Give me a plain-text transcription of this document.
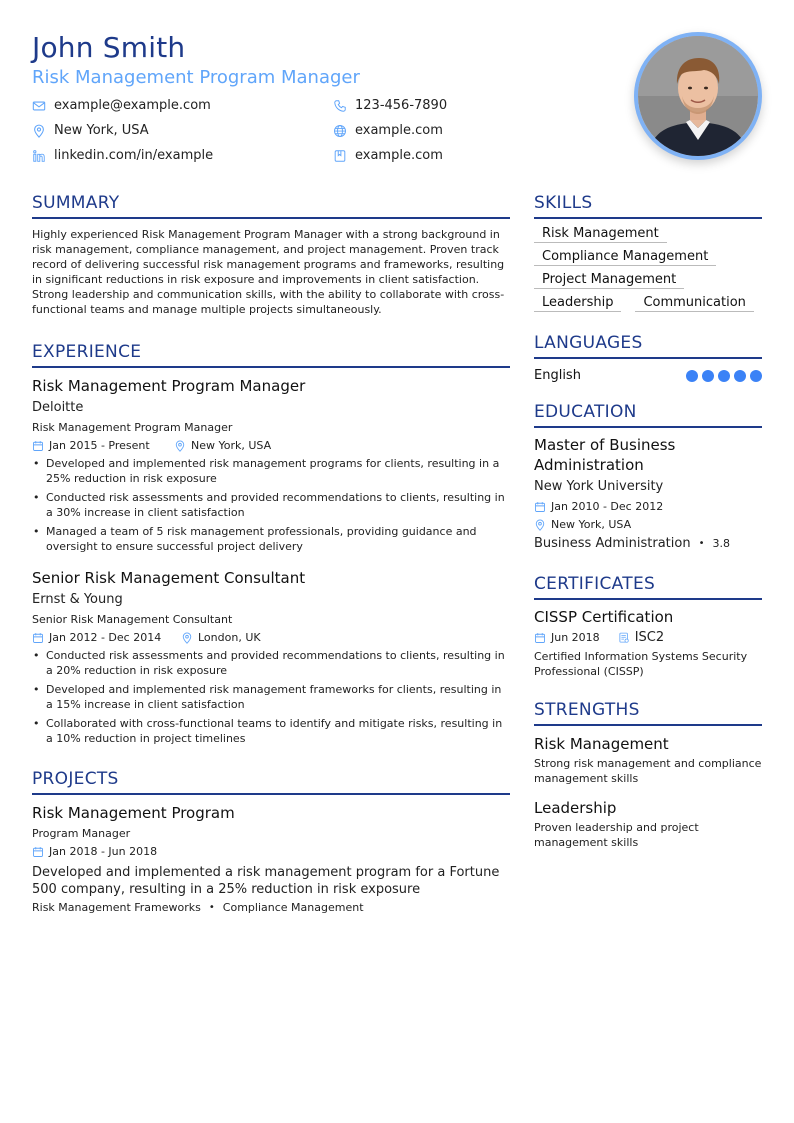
John Smith
Risk Management Program Manager
example@example.com	123-456-7890
New York, USA	example.com
linkedin.com/in/example	example.com
SUMMARY
Highly experienced Risk Management Program Manager with a strong background in risk management, compliance management, and project management. Proven track record of delivering successful risk management programs and frameworks, resulting in significant reductions in risk exposure and improvements in client satisfaction. Strong leadership and communication skills, with the ability to collaborate with cross-functional teams and manage multiple projects simultaneously.
EXPERIENCE
Risk Management Program Manager
Deloitte
Risk Management Program Manager
Jan 2015 - Present	New York, USA
• Developed and implemented risk management programs for clients, resulting in a 25% reduction in risk exposure
• Conducted risk assessments and provided recommendations to clients, resulting in a 30% increase in client satisfaction
• Managed a team of 5 risk management professionals, providing guidance and oversight to ensure successful project delivery
Senior Risk Management Consultant
Ernst & Young
Senior Risk Management Consultant
Jan 2012 - Dec 2014	London, UK
• Conducted risk assessments and provided recommendations to clients, resulting in a 20% reduction in risk exposure
• Developed and implemented risk management frameworks for clients, resulting in a 15% increase in client satisfaction
• Collaborated with cross-functional teams to identify and mitigate risks, resulting in a 10% reduction in project timelines
PROJECTS
Risk Management Program
Program Manager
Jan 2018 - Jun 2018
Developed and implemented a risk management program for a Fortune 500 company, resulting in a 25% reduction in risk exposure
Risk Management Frameworks • Compliance Management
SKILLS
Risk Management
Compliance Management
Project Management
Leadership	Communication
LANGUAGES
English
EDUCATION
Master of Business Administration
New York University
Jan 2010 - Dec 2012
New York, USA
Business Administration • 3.8
CERTIFICATES
CISSP Certification
Jun 2018	ISC2
Certified Information Systems Security Professional (CISSP)
STRENGTHS
Risk Management
Strong risk management and compliance management skills
Leadership
Proven leadership and project management skills
